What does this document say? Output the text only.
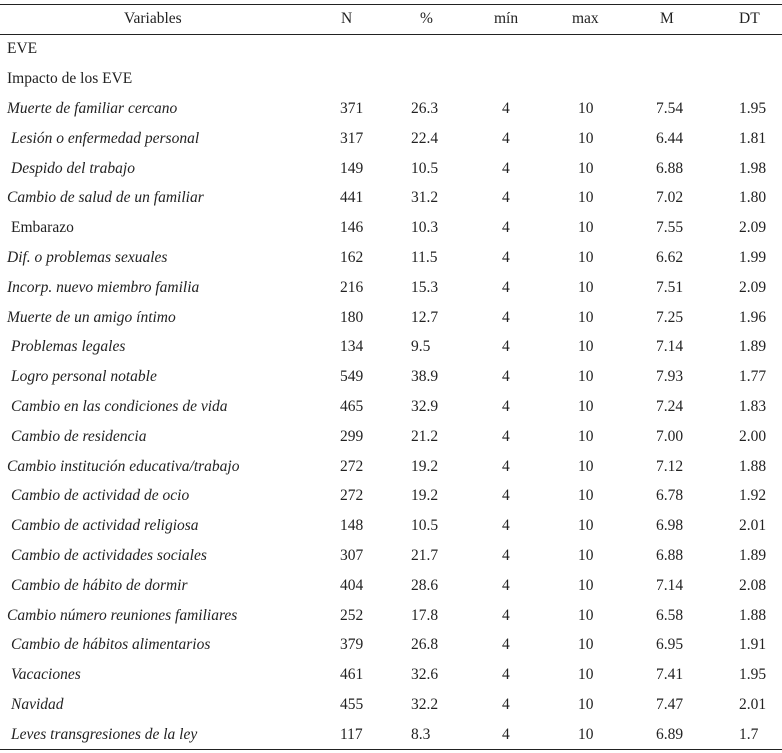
Variables	N	%	mín	max	M	DT
EVE
Impacto de los EVE
Muerte de familiar cercano	371	26.3	4	10	7.54	1.95
Lesión o enfermedad personal	317	22.4	4	10	6.44	1.81
Despido del trabajo	149	10.5	4	10	6.88	1.98
Cambio de salud de un familiar	441	31.2	4	10	7.02	1.80
Embarazo	146	10.3	4	10	7.55	2.09
Dif. o problemas sexuales	162	11.5	4	10	6.62	1.99
Incorp. nuevo miembro familia	216	15.3	4	10	7.51	2.09
Muerte de un amigo íntimo	180	12.7	4	10	7.25	1.96
Problemas legales	134	9.5	4	10	7.14	1.89
Logro personal notable	549	38.9	4	10	7.93	1.77
Cambio en las condiciones de vida	465	32.9	4	10	7.24	1.83
Cambio de residencia	299	21.2	4	10	7.00	2.00
Cambio institución educativa/trabajo	272	19.2	4	10	7.12	1.88
Cambio de actividad de ocio	272	19.2	4	10	6.78	1.92
Cambio de actividad religiosa	148	10.5	4	10	6.98	2.01
Cambio de actividades sociales	307	21.7	4	10	6.88	1.89
Cambio de hábito de dormir	404	28.6	4	10	7.14	2.08
Cambio número reuniones familiares	252	17.8	4	10	6.58	1.88
Cambio de hábitos alimentarios	379	26.8	4	10	6.95	1.91
Vacaciones	461	32.6	4	10	7.41	1.95
Navidad	455	32.2	4	10	7.47	2.01
Leves transgresiones de la ley	117	8.3	4	10	6.89	1.7
